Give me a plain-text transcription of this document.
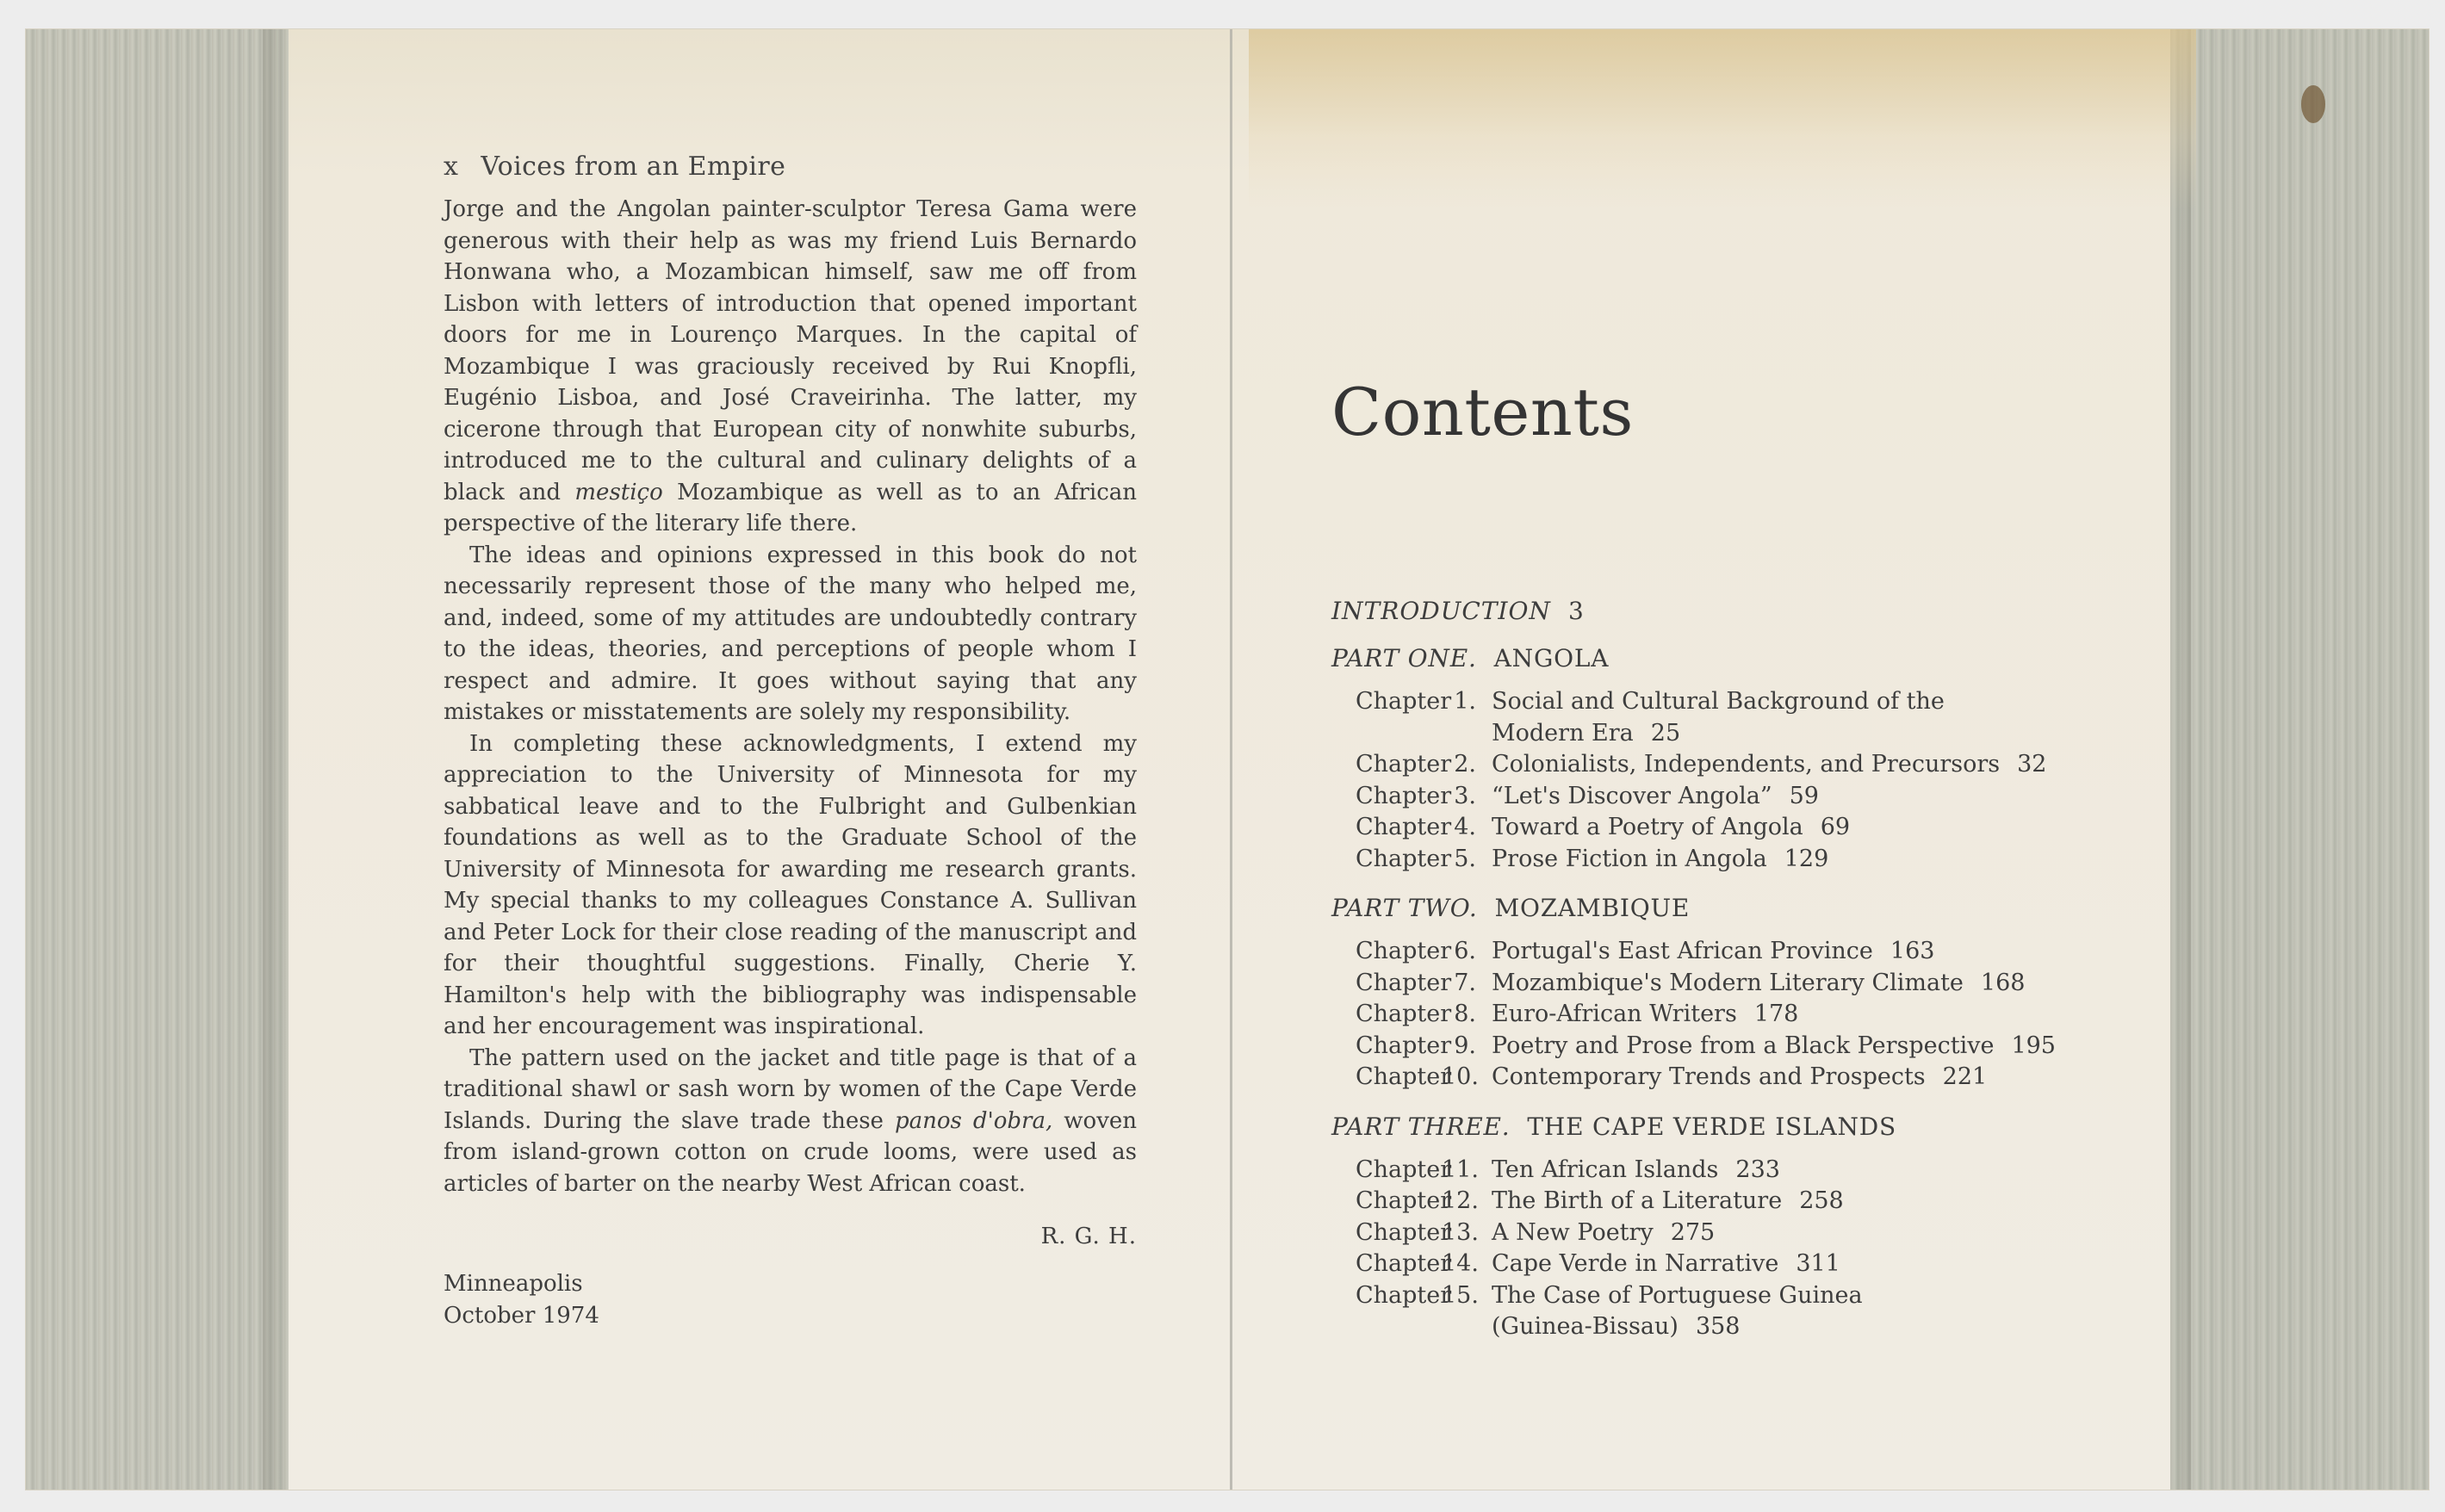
x Voices from an Empire

Jorge and the Angolan painter-sculptor Teresa Gama were generous with their help as was my friend Luis Bernardo Honwana who, a Mozambican himself, saw me off from Lisbon with letters of introduction that opened important doors for me in Lourenço Marques. In the capital of Mozambique I was graciously received by Rui Knopfli, Eugénio Lisboa, and José Craveirinha. The latter, my cicerone through that European city of nonwhite suburbs, introduced me to the cultural and culinary delights of a black and mestiço Mozambique as well as to an African perspective of the literary life there.

The ideas and opinions expressed in this book do not necessarily represent those of the many who helped me, and, indeed, some of my attitudes are undoubtedly contrary to the ideas, theories, and perceptions of people whom I respect and admire. It goes without saying that any mistakes or misstatements are solely my responsibility.

In completing these acknowledgments, I extend my appreciation to the University of Minnesota for my sabbatical leave and to the Fulbright and Gulbenkian foundations as well as to the Graduate School of the University of Minnesota for awarding me research grants. My special thanks to my colleagues Constance A. Sullivan and Peter Lock for their close reading of the manuscript and for their thoughtful suggestions. Finally, Cherie Y. Hamilton's help with the bibliography was indispensable and her encouragement was inspirational.

The pattern used on the jacket and title page is that of a traditional shawl or sash worn by women of the Cape Verde Islands. During the slave trade these panos d'obra, woven from island-grown cotton on crude looms, were used as articles of barter on the nearby West African coast.

R. G. H.
Minneapolis
October 1974
Contents
INTRODUCTION 3
PART ONE. ANGOLA
Chapter 1. Social and Cultural Background of the
Modern Era 25
Chapter 2. Colonialists, Independents, and Precursors 32
Chapter 3. “Let's Discover Angola” 59
Chapter 4. Toward a Poetry of Angola 69
Chapter 5. Prose Fiction in Angola 129
PART TWO. MOZAMBIQUE
Chapter 6. Portugal's East African Province 163
Chapter 7. Mozambique's Modern Literary Climate 168
Chapter 8. Euro-African Writers 178
Chapter 9. Poetry and Prose from a Black Perspective 195
Chapter
10. Contemporary Trends and Prospects 221
PART THREE. THE CAPE VERDE ISLANDS
Chapter
11. Ten African Islands 233
Chapter
12. The Birth of a Literature 258
Chapter
13. A New Poetry 275
Chapter
14. Cape Verde in Narrative 311
Chapter
15. The Case of Portuguese Guinea
(Guinea-Bissau) 358
